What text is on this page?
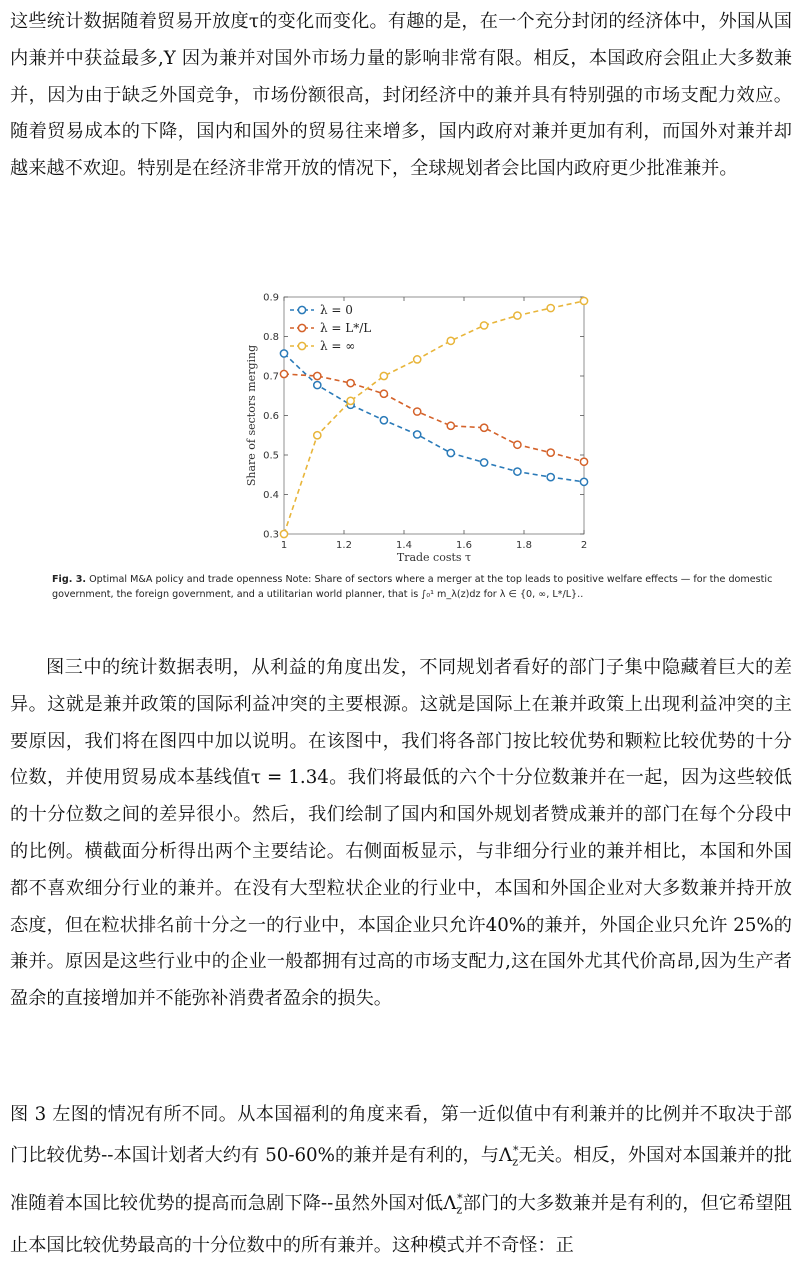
这些统计数据随着贸易开放度τ的变化而变化。有趣的是，在一个充分封闭的经济体中，外国从国内兼并中获益最多,Y 因为兼并对国外市场力量的影响非常有限。相反，本国政府会阻止大多数兼并，因为由于缺乏外国竞争，市场份额很高，封闭经济中的兼并具有特别强的市场支配力效应。随着贸易成本的下降，国内和国外的贸易往来增多，国内政府对兼并更加有利，而国外对兼并却越来越不欢迎。特别是在经济非常开放的情况下，全球规划者会比国内政府更少批准兼并。

0.3
0.4
0.5
0.6
0.7
0.8
0.9
1	1.2	1.4	1.6	1.8	2
Trade costs τ
Share of sectors merging
λ = 0
λ = L*/L
λ = ∞

Fig. 3. Optimal M&A policy and trade openness Note: Share of sectors where a merger at the top leads to positive welfare effects — for the domestic government, the foreign government, and a utilitarian world planner, that is ∫₀¹ m_λ(z)dz for λ ∈ {0, ∞, L*/L}..

图三中的统计数据表明，从利益的角度出发，不同规划者看好的部门子集中隐藏着巨大的差异。这就是兼并政策的国际利益冲突的主要根源。这就是国际上在兼并政策上出现利益冲突的主要原因，我们将在图四中加以说明。在该图中，我们将各部门按比较优势和颗粒比较优势的十分位数，并使用贸易成本基线值τ = 1.34。我们将最低的六个十分位数兼并在一起，因为这些较低的十分位数之间的差异很小。然后，我们绘制了国内和国外规划者赞成兼并的部门在每个分段中的比例。横截面分析得出两个主要结论。右侧面板显示，与非细分行业的兼并相比，本国和外国都不喜欢细分行业的兼并。在没有大型粒状企业的行业中，本国和外国企业对大多数兼并持开放态度，但在粒状排名前十分之一的行业中，本国企业只允许40%的兼并，外国企业只允许 25%的兼并。原因是这些行业中的企业一般都拥有过高的市场支配力,这在国外尤其代价高昂,因为生产者盈余的直接增加并不能弥补消费者盈余的损失。

图 3 左图的情况有所不同。从本国福利的角度来看，第一近似值中有利兼并的比例并不取决于部门比较优势--本国计划者大约有 50-60%的兼并是有利的，与$\Lambda_z^*$无关。相反，外国对本国兼并的批准随着本国比较优势的提高而急剧下降--虽然外国对低$\Lambda_z^*$部门的大多数兼并是有利的，但它希望阻止本国比较优势最高的十分位数中的所有兼并。这种模式并不奇怪：正
